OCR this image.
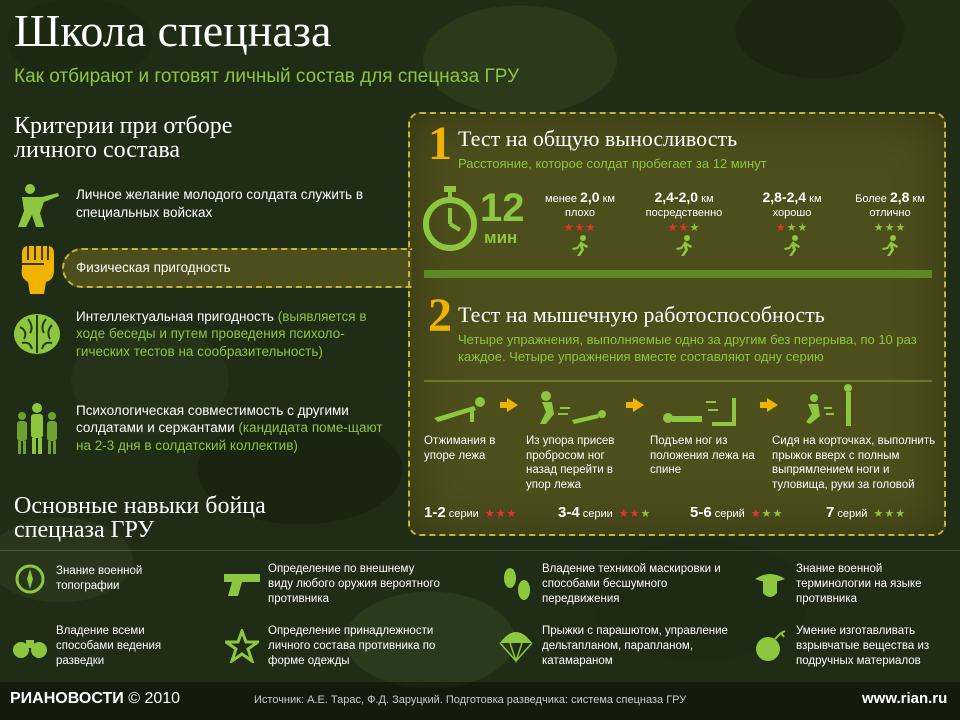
Школа спецназа
Как отбирают и готовят личный состав для спецназа ГРУ
Критерии при отборе
личного состава
Личное желание молодого солдата служить в специальных войсках
Физическая пригодность
Интеллектуальная пригодность (выявляется в ходе беседы и путем проведения психоло-гических тестов на сообразительность)
Психологическая совместимость с другими солдатами и сержантами (кандидата поме-щают на 2-3 дня в солдатский коллектив)
1 Тест на общую выносливость
Расстояние, которое солдат пробегает за 12 минут
12
мин
менее 2,0 км
плохо
★★★
2,4-2,0 км
посредственно
★★★
2,8-2,4 км
хорошо
★★★
Более 2,8 км
отлично
★★★
2 Тест на мышечную работоспособность
Четыре упражнения, выполняемые одно за другим без перерыва, по 10 раз каждое. Четыре упражнения вместе составляют одну серию
Отжимания в упоре лежа
Из упора присев пробросом ног назад перейти в упор лежа
Подъем ног из положения лежа на спине
Сидя на корточках, выполнить прыжок вверх с полным выпрямлением ноги и туловища, руки за головой
1-2 серии ★★★	3-4 серии ★★★	5-6 серий ★★★	7 серий ★★★
Основные навыки бойца
спецназа ГРУ
Знание военной топографии
Определение по внешнему виду любого оружия вероятного противника
Владение техникой маскировки и способами бесшумного передвижения
Знание военной терминологии на языке противника
Владение всеми способами ведения разведки
Определение принадлежности личного состава противника по форме одежды
Прыжки с парашютом, управление дельтапланом, парапланом, катамараном
Умение изготавливать взрывчатые вещества из подручных материалов
РИАНОВОСТИ © 2010	Источник: А.Е. Тарас, Ф.Д. Заруцкий. Подготовка разведчика: система спецназа ГРУ	www.rian.ru
